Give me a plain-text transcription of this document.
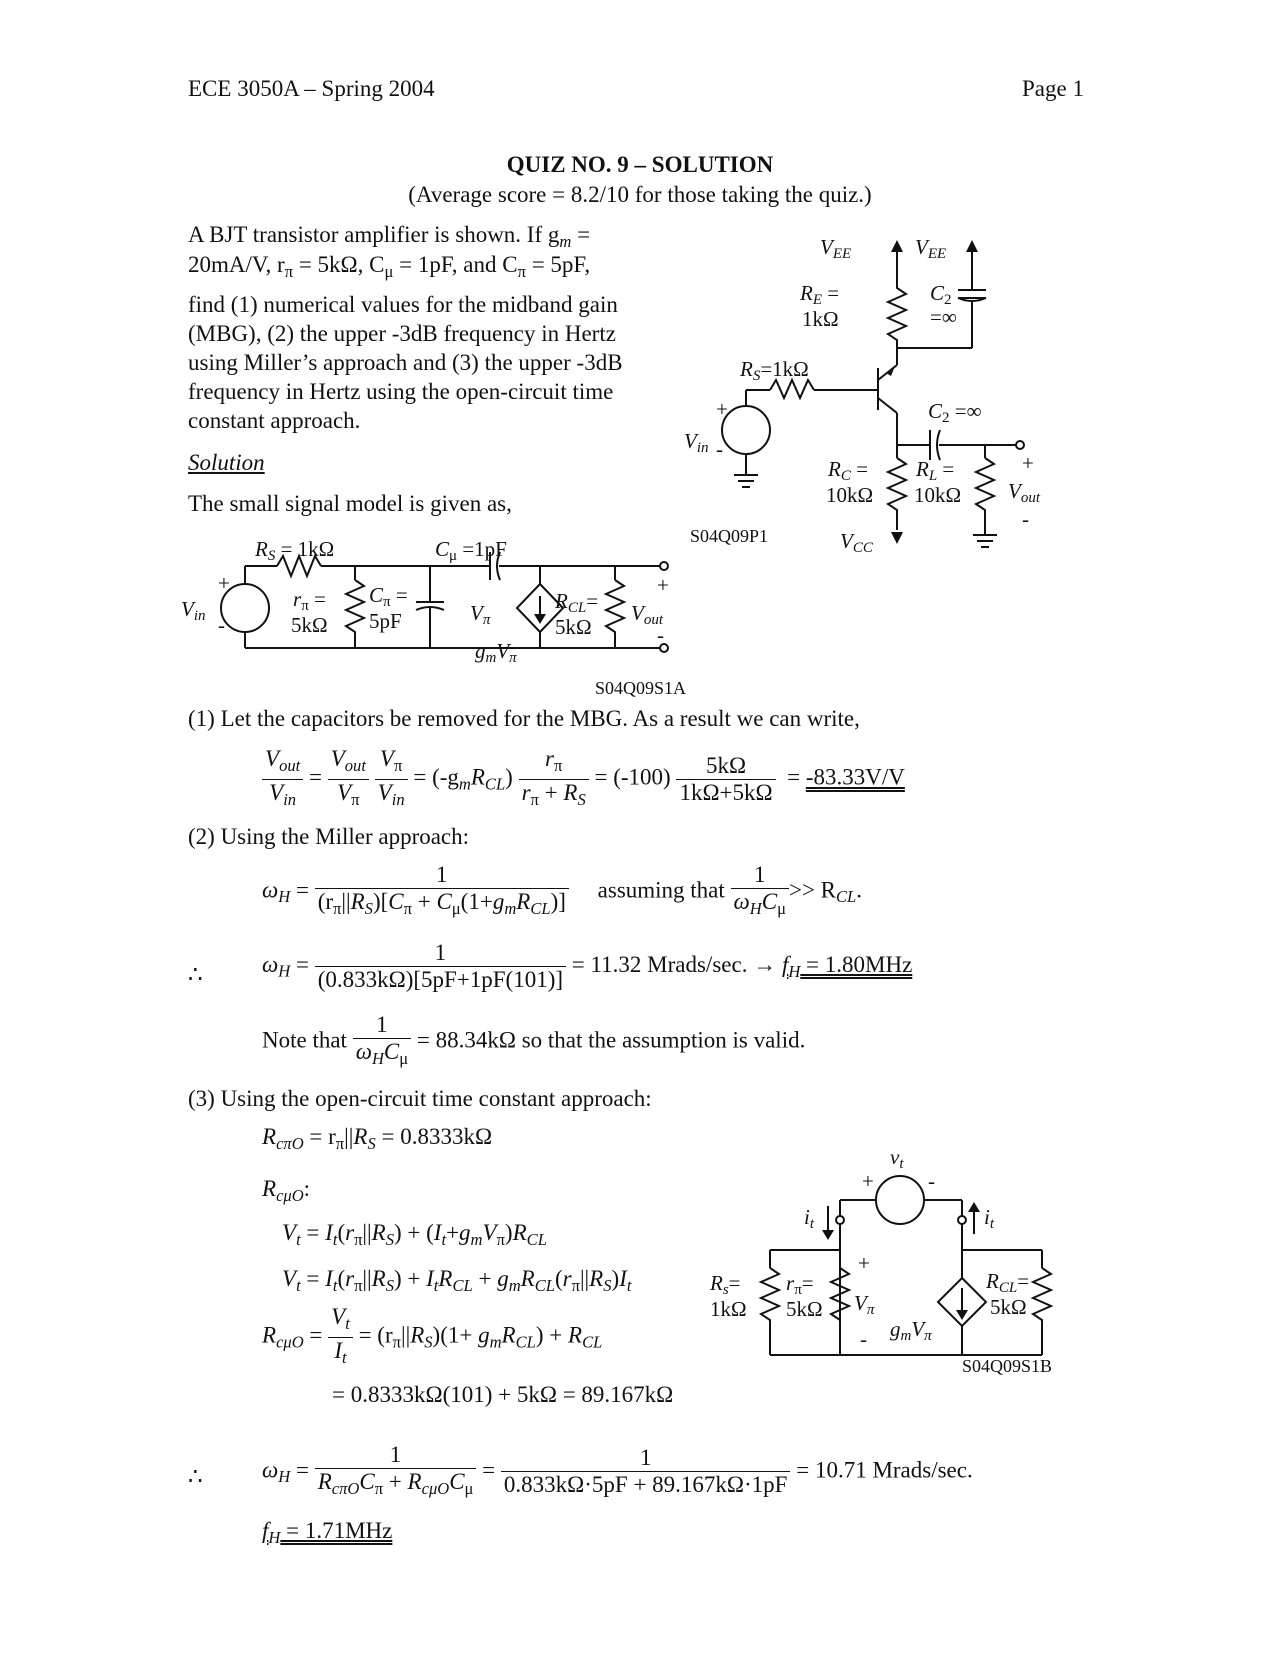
ECE 3050A – Spring 2004	Page 1
QUIZ NO. 9 – SOLUTION
(Average score = 8.2/10 for those taking the quiz.)
A BJT transistor amplifier is shown. If $g_m$ =
20mA/V, $r_\pi = 5k\Omega$, $C_\mu = 1pF$, and $C_\pi = 5pF$,
find (1) numerical values for the midband gain
(MBG), (2) the upper -3dB frequency in Hertz
using Miller’s approach and (3) the upper -3dB
frequency in Hertz using the open-circuit time
constant approach.
Solution
The small signal model is given as,
VEE	VEE
RE =
1kΩ
C2
=∞
RS=1kΩ
C2 =∞
Vin
+
-
RC =
10kΩ
RL =
10kΩ
+
Vout
-
S04Q09P1	VCC
RS = 1kΩ	Cμ =1pF
Vin
+
-
rπ =
5kΩ
Cπ =
5pF	Vπ
gmVπ
RCL=
5kΩ
+
Vout
-
S04Q09S1A
(1) Let the capacitors be removed for the MBG. As a result we can write,
$\frac{V_{out}}{V_{in}} = \frac{V_{out}}{V_\pi}$
$\frac{V_\pi}{V_{in}} = (-g_mR_{CL}) \frac{r_\pi}{r_\pi + R_S} = (-100) \frac{5k\Omega}{1k\Omega+5k\Omega} = -83.33V/V$
(2) Using the Miller approach:
$\omega_H = \frac{1}{(r_\pi||R_S)[C_\pi + C_\mu(1+g_mR_{CL})]}$ assuming that $\frac{1}{\omega_HC_\mu} >> R_{CL}$.
∴	$\omega_H = \frac{1}{(0.833k\Omega)[5pF+1pF(101)]} = 11.32$ Mrads/sec. → $f_H = 1.80MHz$
Note that $\frac{1}{\omega_HC_\mu} = 88.34k\Omega$ so that the assumption is valid.
(3) Using the open-circuit time constant approach:
$R_{c\pi O} = r_\pi||R_S = 0.8333k\Omega$
$R_{c\mu O}$:
$V_t = I_t(r_\pi||R_S) + (I_t+g_mV_\pi)R_{CL}$
$V_t = I_t(r_\pi||R_S) + I_tR_{CL} + g_mR_{CL}(r_\pi||R_S)I_t$
$R_{c\mu O} = \frac{V_t}{I_t} = (r_\pi||R_S)(1+ g_mR_{CL}) + R_{CL}$
= 0.8333kΩ(101) + 5kΩ = 89.167kΩ
∴	$\omega_H = \frac{1}{R_{c\pi O}C_\pi + R_{c\mu O}C_\mu} = \frac{1}{0.833k\Omega\cdot 5pF + 89.167k\Omega\cdot 1pF} = 10.71$ Mrads/sec.
$f_H = 1.71MHz$
vt
+	-
it	it
Rs=
1kΩ
rπ=
5kΩ
+
Vπ
- gmVπ
RCL=
5kΩ
S04Q09S1B
